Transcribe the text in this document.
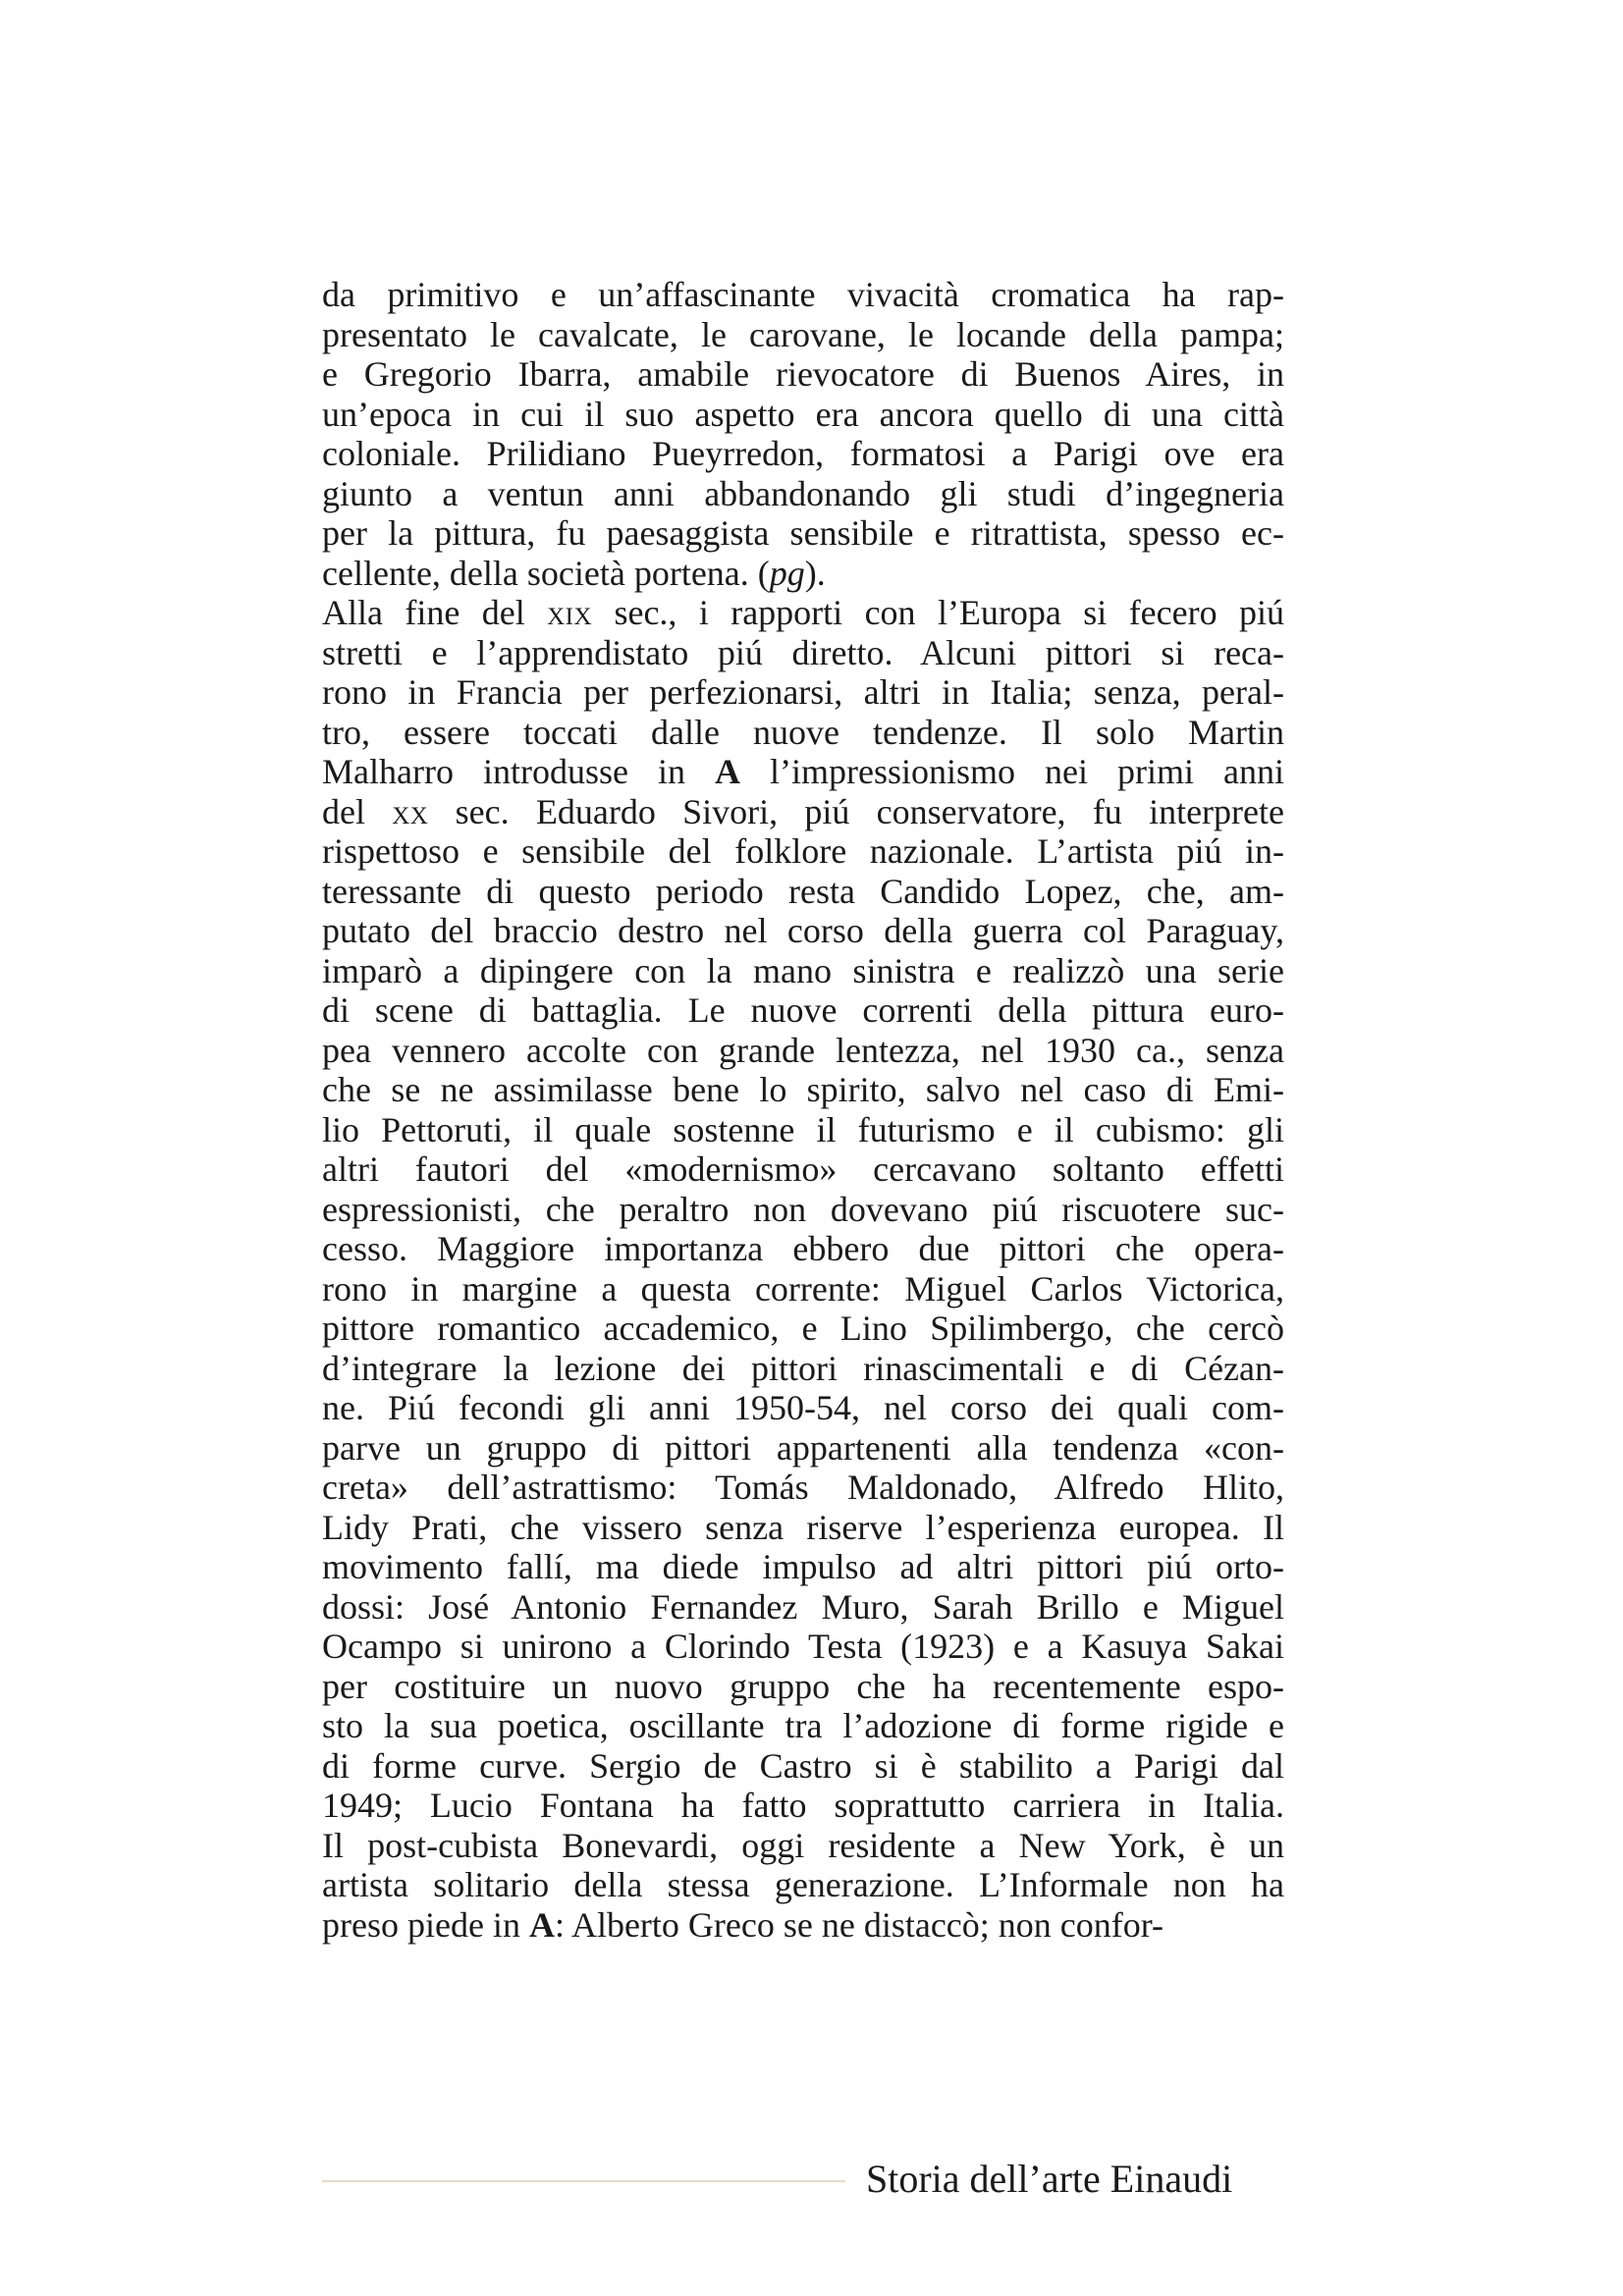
da primitivo e un’affascinante vivacità cromatica ha rap-
presentato le cavalcate, le carovane, le locande della pampa;
e Gregorio Ibarra, amabile rievocatore di Buenos Aires, in
un’epoca in cui il suo aspetto era ancora quello di una città
coloniale. Prilidiano Pueyrredon, formatosi a Parigi ove era
giunto a ventun anni abbandonando gli studi d’ingegneria
per la pittura, fu paesaggista sensibile e ritrattista, spesso ec-
cellente, della società portena. (pg).
Alla fine del xix sec., i rapporti con l’Europa si fecero piú
stretti e l’apprendistato piú diretto. Alcuni pittori si reca-
rono in Francia per perfezionarsi, altri in Italia; senza, peral-
tro, essere toccati dalle nuove tendenze. Il solo Martin
Malharro introdusse in A l’impressionismo nei primi anni
del xx sec. Eduardo Sivori, piú conservatore, fu interprete
rispettoso e sensibile del folklore nazionale. L’artista piú in-
teressante di questo periodo resta Candido Lopez, che, am-
putato del braccio destro nel corso della guerra col Paraguay,
imparò a dipingere con la mano sinistra e realizzò una serie
di scene di battaglia. Le nuove correnti della pittura euro-
pea vennero accolte con grande lentezza, nel 1930 ca., senza
che se ne assimilasse bene lo spirito, salvo nel caso di Emi-
lio Pettoruti, il quale sostenne il futurismo e il cubismo: gli
altri fautori del «modernismo» cercavano soltanto effetti
espressionisti, che peraltro non dovevano piú riscuotere suc-
cesso. Maggiore importanza ebbero due pittori che opera-
rono in margine a questa corrente: Miguel Carlos Victorica,
pittore romantico accademico, e Lino Spilimbergo, che cercò
d’integrare la lezione dei pittori rinascimentali e di Cézan-
ne. Piú fecondi gli anni 1950-54, nel corso dei quali com-
parve un gruppo di pittori appartenenti alla tendenza «con-
creta» dell’astrattismo: Tomás Maldonado, Alfredo Hlito,
Lidy Prati, che vissero senza riserve l’esperienza europea. Il
movimento fallí, ma diede impulso ad altri pittori piú orto-
dossi: José Antonio Fernandez Muro, Sarah Brillo e Miguel
Ocampo si unirono a Clorindo Testa (1923) e a Kasuya Sakai
per costituire un nuovo gruppo che ha recentemente espo-
sto la sua poetica, oscillante tra l’adozione di forme rigide e
di forme curve. Sergio de Castro si è stabilito a Parigi dal
1949; Lucio Fontana ha fatto soprattutto carriera in Italia.
Il post-cubista Bonevardi, oggi residente a New York, è un
artista solitario della stessa generazione. L’Informale non ha
preso piede in A: Alberto Greco se ne distaccò; non confor-
Storia dell’arte Einaudi
